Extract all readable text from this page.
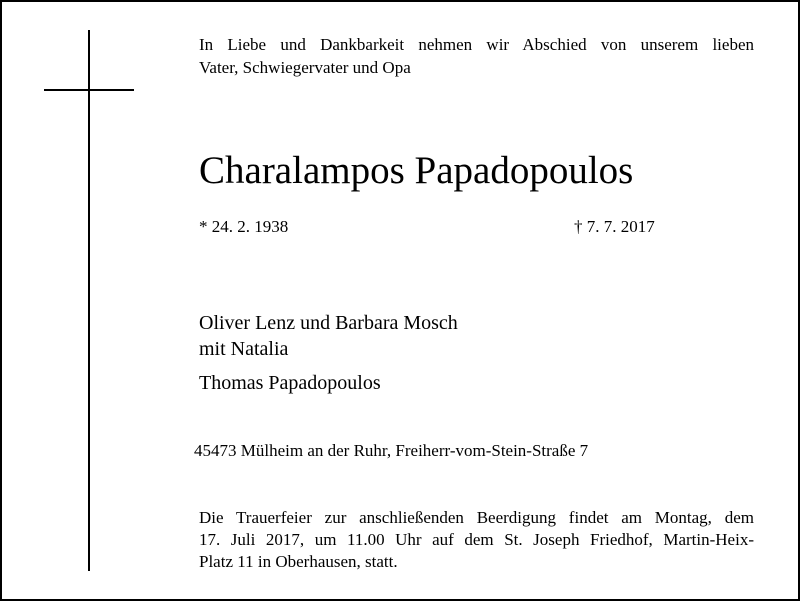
In Liebe und Dankbarkeit nehmen wir Abschied von unserem lieben
Vater, Schwiegervater und Opa
Charalampos Papadopoulos
* 24. 2. 1938	† 7. 7. 2017
Oliver Lenz und Barbara Mosch
mit Natalia
Thomas Papadopoulos
45473 Mülheim an der Ruhr, Freiherr-vom-Stein-Straße 7
Die Trauerfeier zur anschließenden Beerdigung findet am Montag, dem
17. Juli 2017, um 11.00 Uhr auf dem St. Joseph Friedhof, Martin-Heix-
Platz 11 in Oberhausen, statt.
